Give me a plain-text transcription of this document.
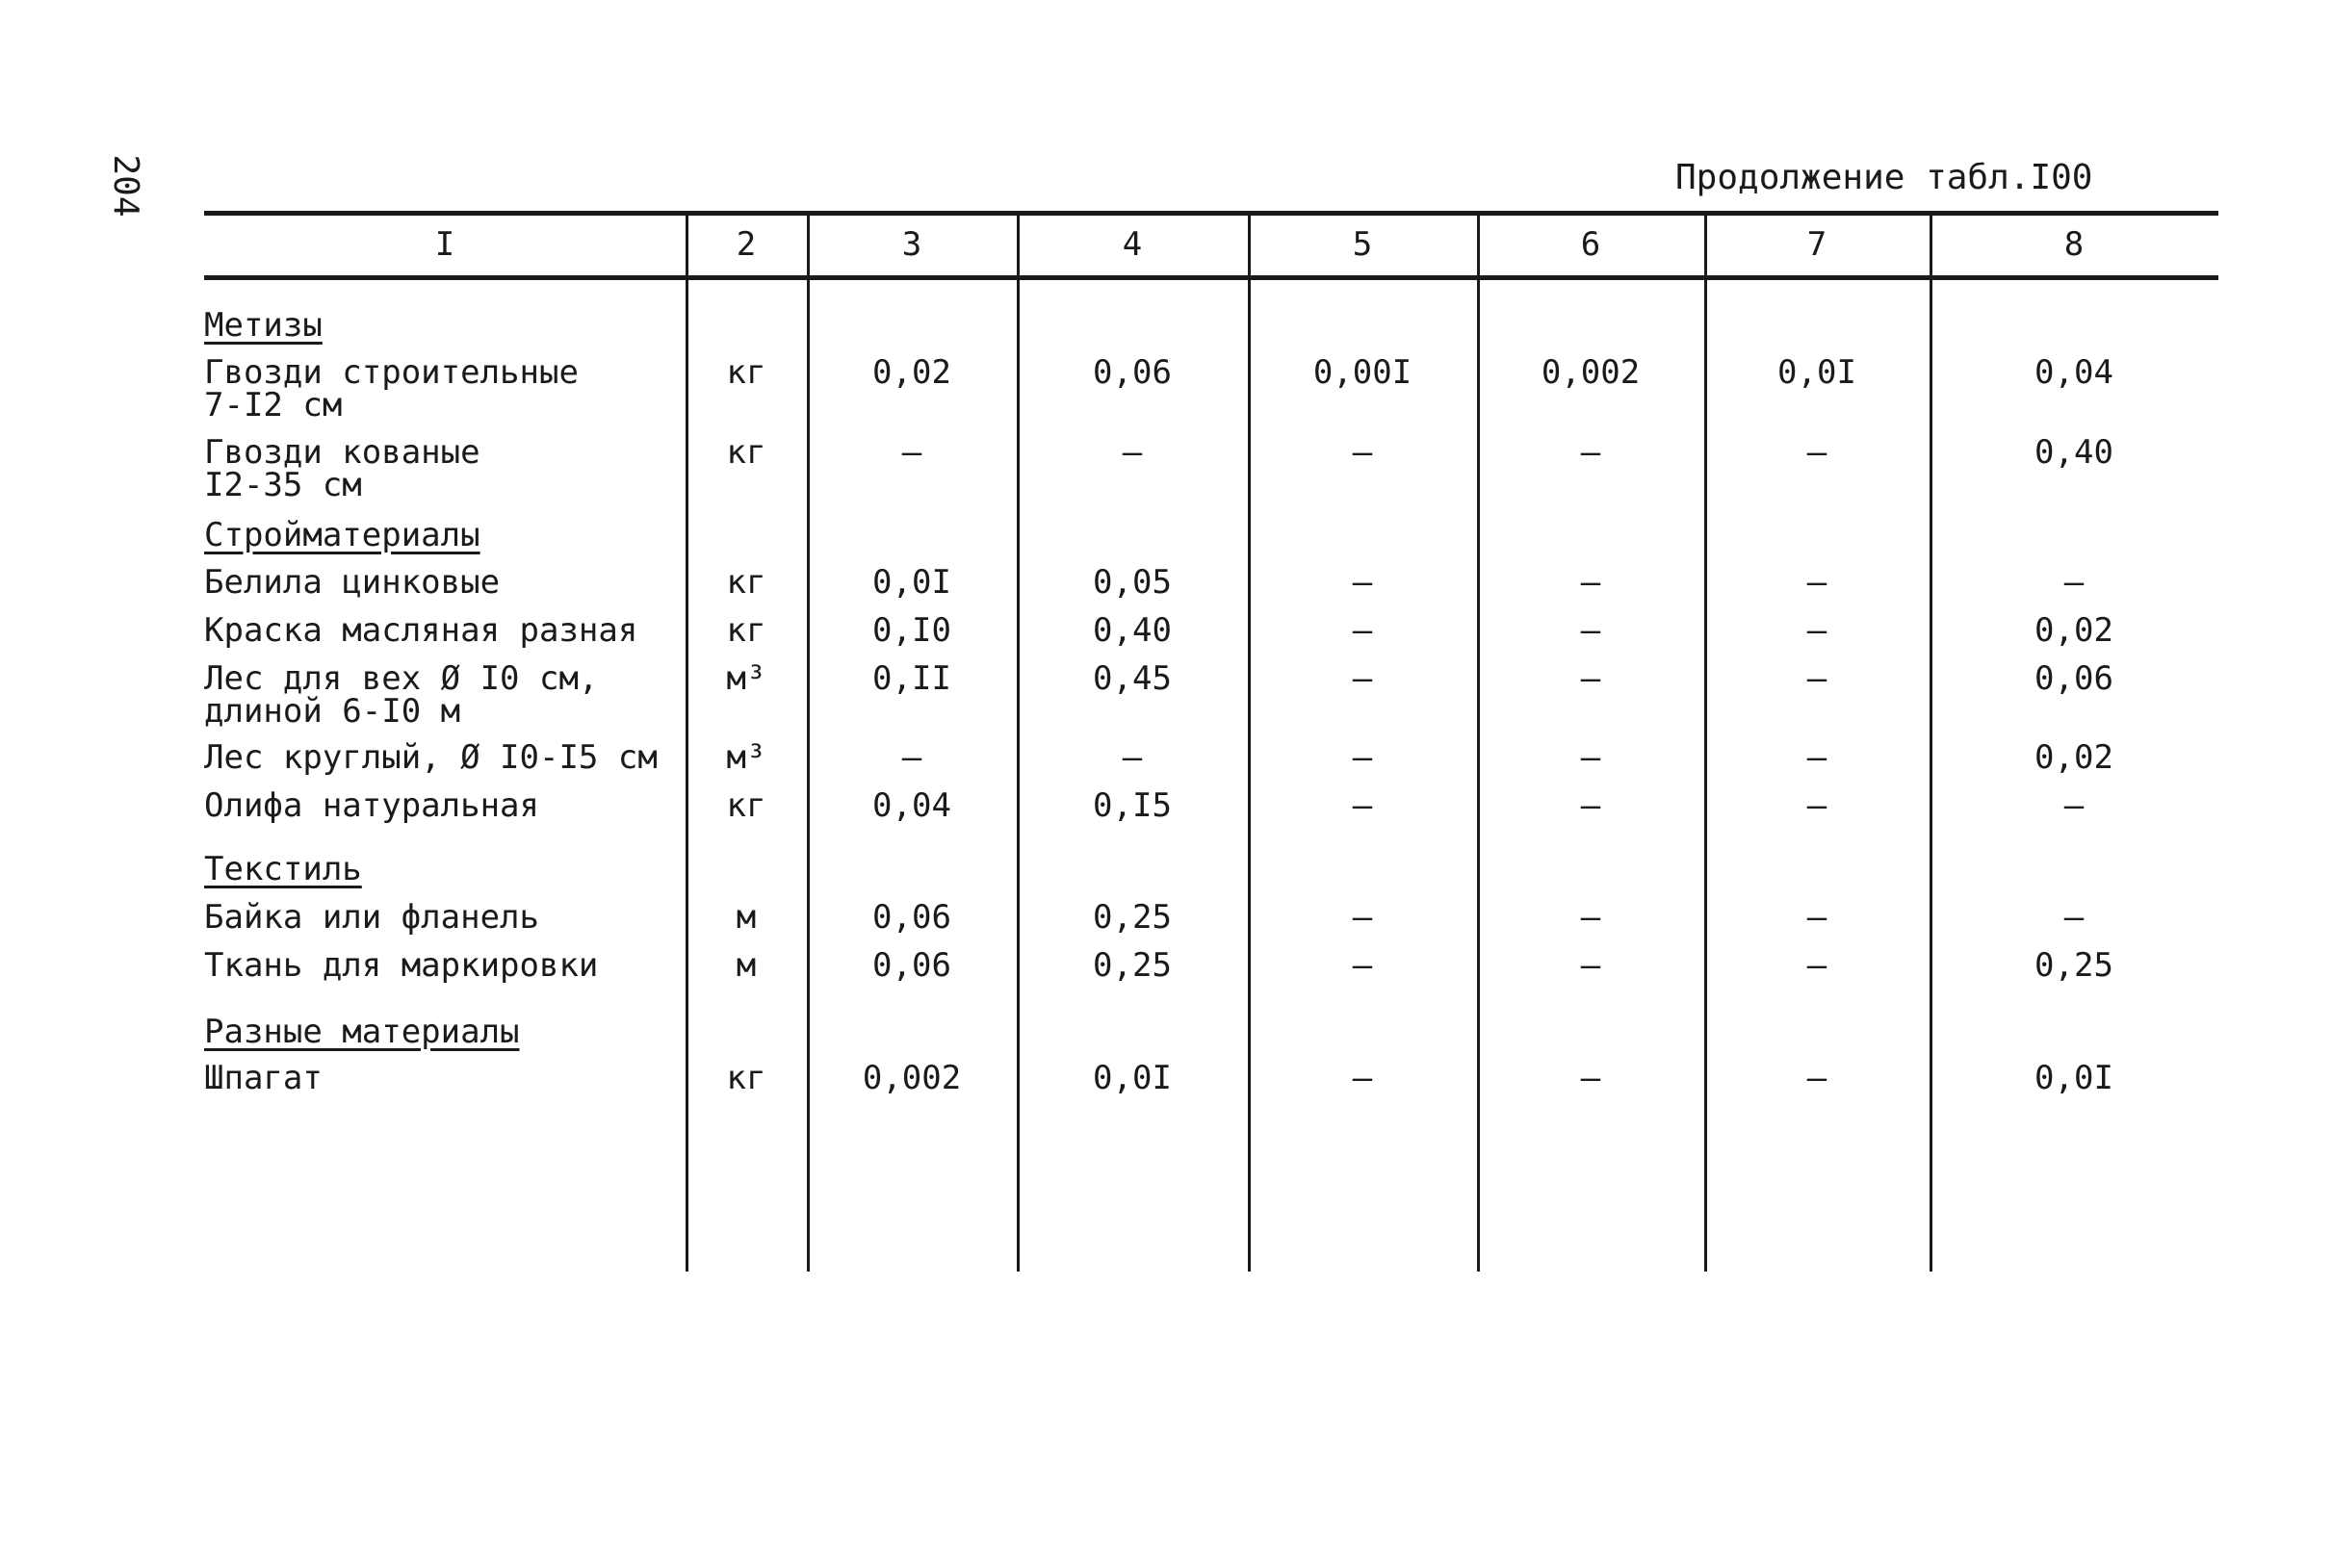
204	Продолжение табл.I00
I	2	3	4	5	6	7	8
Метизы
Гвозди строительные
7-I2 см
кг	0,02	0,06	0,00I	0,002	0,0I	0,04
Гвозди кованые
I2-35 см
кг	–	–	–	–	–	0,40
Стройматериалы
Белила цинковые	кг	0,0I	0,05	–	–	–	–
Краска масляная разная	кг	0,I0	0,40	–	–	–	0,02
Лес для вех Ø I0 см,
длиной 6-I0 м
м³	0,II	0,45	–	–	–	0,06
Лес круглый, Ø I0-I5 см	м³	–	–	–	–	–	0,02
Олифа натуральная	кг	0,04	0,I5	–	–	–	–
Текстиль
Байка или фланель	м	0,06	0,25	–	–	–	–
Ткань для маркировки	м	0,06	0,25	–	–	–	0,25
Разные материалы
Шпагат	кг	0,002	0,0I	–	–	–	0,0I
